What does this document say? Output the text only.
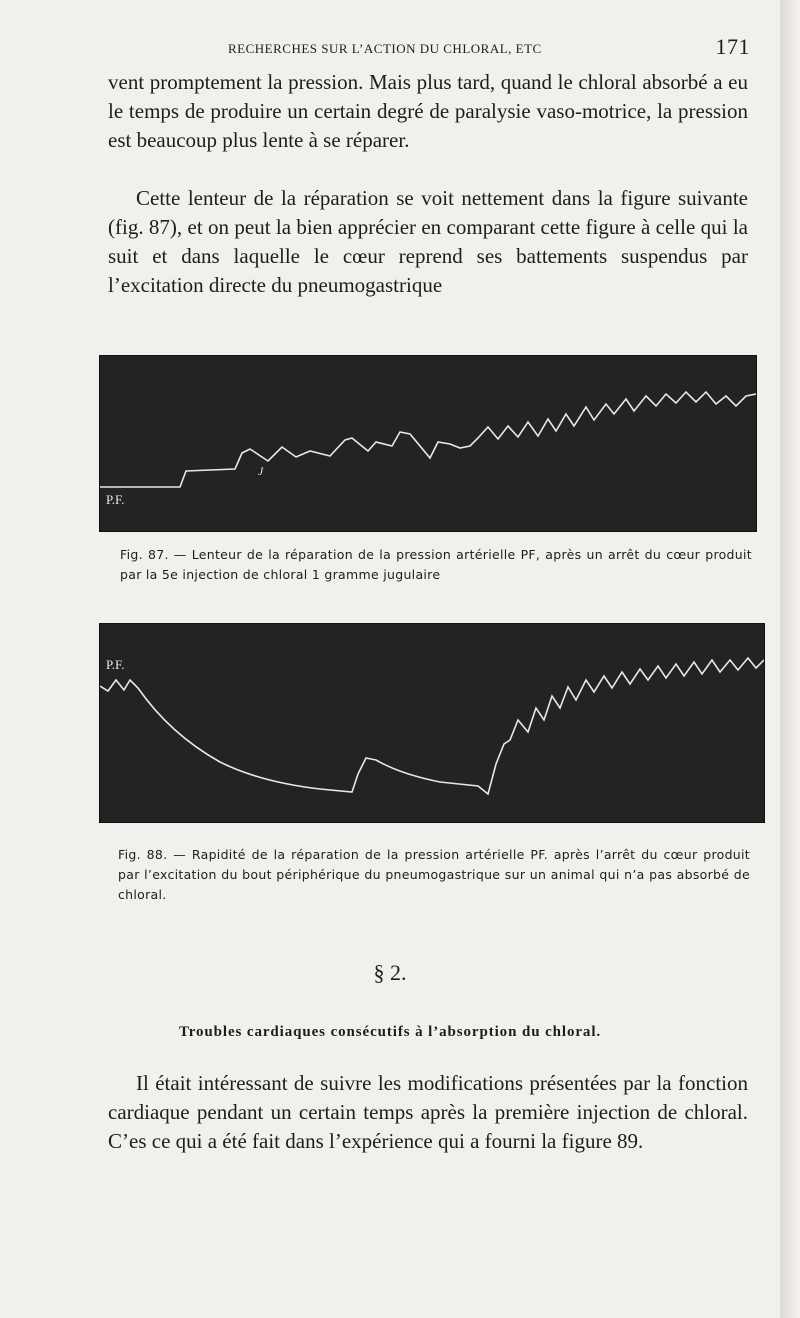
RECHERCHES SUR L’ACTION DU CHLORAL, ETC	171

vent promptement la pression. Mais plus tard, quand le chloral absorbé a eu le temps de produire un certain degré de paralysie vaso-motrice, la pression est beaucoup plus lente à se réparer.

Cette lenteur de la réparation se voit nettement dans la figure suivante (fig. 87), et on peut la bien apprécier en comparant cette figure à celle qui la suit et dans laquelle le cœur reprend ses battements suspendus par l’excitation directe du pneumogastrique

P.F.
J

Fig. 87. — Lenteur de la réparation de la pression artérielle PF, après un arrêt du cœur produit par la 5e injection de chloral 1 gramme jugulaire

P.F.

Fig. 88. — Rapidité de la réparation de la pression artérielle PF. après l’arrêt du cœur produit par l’excitation du bout périphérique du pneumogastrique sur un animal qui n’a pas absorbé de chloral.

§ 2.
Troubles cardiaques consécutifs à l’absorption du chloral.

Il était intéressant de suivre les modifications présentées par la fonction cardiaque pendant un certain temps après la première injection de chloral. C’es ce qui a été fait dans l’expérience qui a fourni la figure 89.
